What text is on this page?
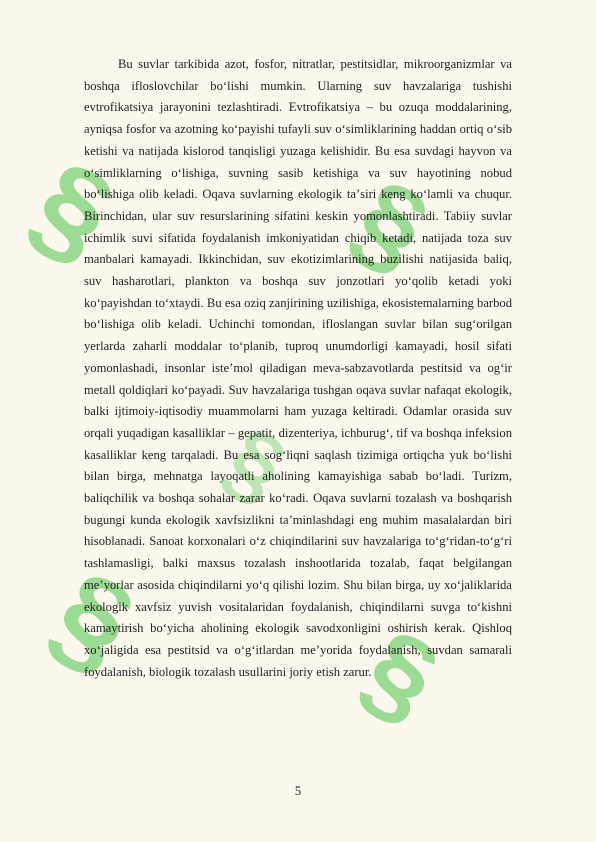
§ §
§ §
§

Bu suvlar tarkibida azot, fosfor, nitratlar, pestitsidlar, mikroorganizmlar va boshqa ifloslovchilar boʻlishi mumkin. Ularning suv havzalariga tushishi evtrofikatsiya jarayonini tezlashtiradi. Evtrofikatsiya – bu ozuqa moddalarining, ayniqsa fosfor va azotning koʻpayishi tufayli suv oʻsimliklarining haddan ortiq oʻsib ketishi va natijada kislorod tanqisligi yuzaga kelishidir. Bu esa suvdagi hayvon va oʻsimliklarning oʻlishiga, suvning sasib ketishiga va suv hayotining nobud boʻlishiga olib keladi. Oqava suvlarning ekologik taʼsiri keng koʻlamli va chuqur. Birinchidan, ular suv resurslarining sifatini keskin yomonlashtiradi. Tabiiy suvlar ichimlik suvi sifatida foydalanish imkoniyatidan chiqib ketadi, natijada toza suv manbalari kamayadi. Ikkinchidan, suv ekotizimlarining buzilishi natijasida baliq, suv hasharotlari, plankton va boshqa suv jonzotlari yoʻqolib ketadi yoki koʻpayishdan toʻxtaydi. Bu esa oziq zanjirining uzilishiga, ekosistemalarning barbod boʻlishiga olib keladi. Uchinchi tomondan, ifloslangan suvlar bilan sugʻorilgan yerlarda zaharli moddalar toʻplanib, tuproq unumdorligi kamayadi, hosil sifati yomonlashadi, insonlar isteʼmol qiladigan meva-sabzavotlarda pestitsid va ogʻir metall qoldiqlari koʻpayadi. Suv havzalariga tushgan oqava suvlar nafaqat ekologik, balki ijtimoiy-iqtisodiy muammolarni ham yuzaga keltiradi. Odamlar orasida suv orqali yuqadigan kasalliklar – gepatit, dizenteriya, ichburugʻ, tif va boshqa infeksion kasalliklar keng tarqaladi. Bu esa sogʻliqni saqlash tizimiga ortiqcha yuk boʻlishi bilan birga, mehnatga layoqatli aholining kamayishiga sabab boʻladi. Turizm, baliqchilik va boshqa sohalar zarar koʻradi. Oqava suvlarni tozalash va boshqarish bugungi kunda ekologik xavfsizlikni taʼminlashdagi eng muhim masalalardan biri hisoblanadi. Sanoat korxonalari oʻz chiqindilarini suv havzalariga toʻgʻridan-toʻgʻri tashlamasligi, balki maxsus tozalash inshootlarida tozalab, faqat belgilangan meʼyorlar asosida chiqindilarni yoʻq qilishi lozim. Shu bilan birga, uy xoʻjaliklarida ekologik xavfsiz yuvish vositalaridan foydalanish, chiqindilarni suvga toʻkishni kamaytirish boʻyicha aholining ekologik savodxonligini oshirish kerak. Qishloq xoʻjaligida esa pestitsid va oʻgʻitlardan meʼyorida foydalanish, suvdan samarali foydalanish, biologik tozalash usullarini joriy etish zarur.

5
